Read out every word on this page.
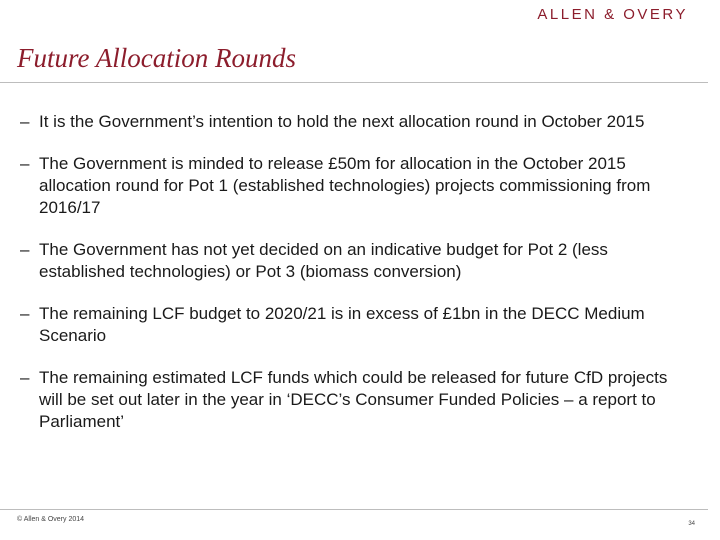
ALLEN & OVERY
Future Allocation Rounds
– It is the Government’s intention to hold the next allocation round in October 2015
– The Government is minded to release £50m for allocation in the October 2015 allocation round for Pot 1 (established technologies) projects commissioning from 2016/17
– The Government has not yet decided on an indicative budget for Pot 2 (less established technologies) or Pot 3 (biomass conversion)
– The remaining LCF budget to 2020/21 is in excess of £1bn in the DECC Medium Scenario
– The remaining estimated LCF funds which could be released for future CfD projects will be set out later in the year in ‘DECC’s Consumer Funded Policies – a report to Parliament’
© Allen & Overy 2014
34
